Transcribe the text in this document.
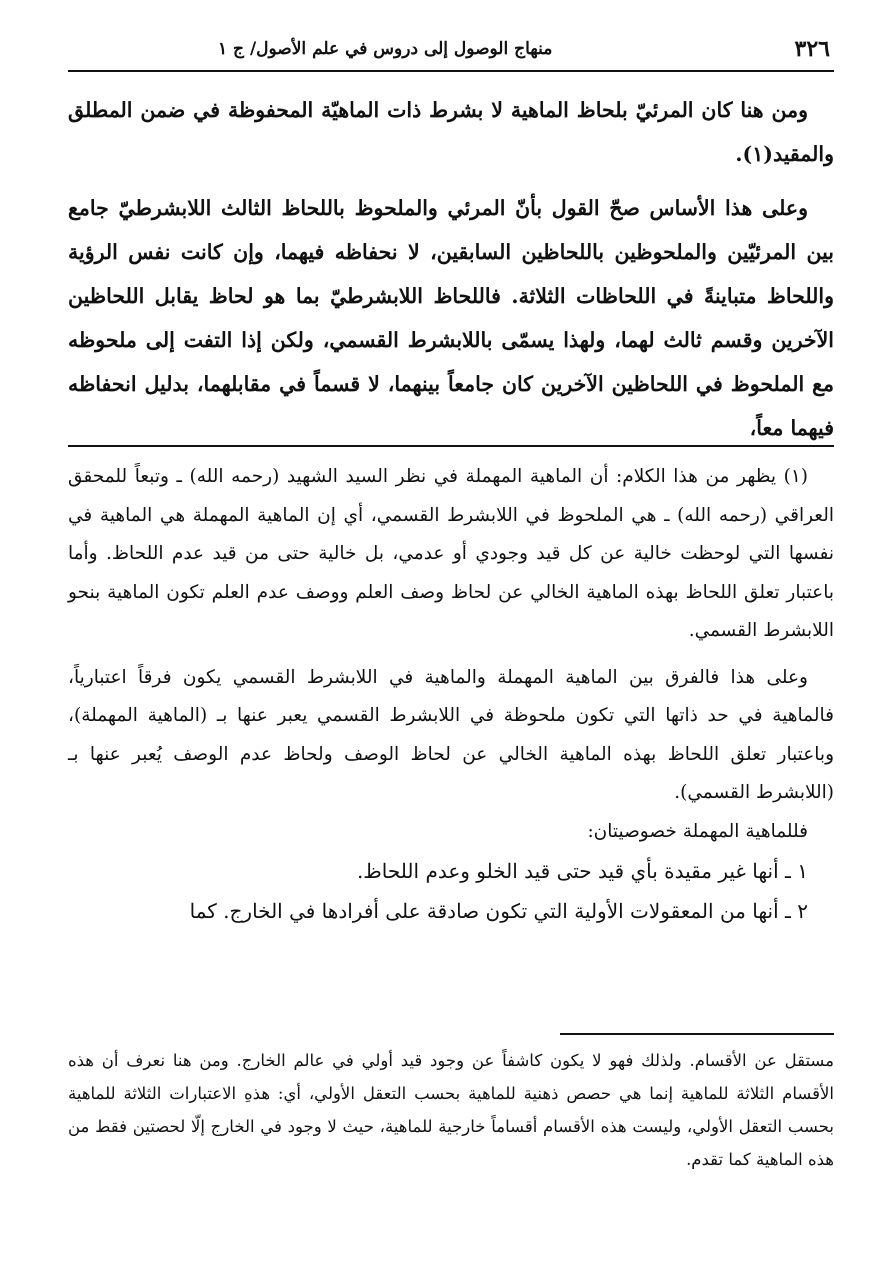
٣٢٦
منهاج الوصول إلى دروس في علم الأصول/ ج ١

ومن هنا كان المرئيّ بلحاظ الماهية لا بشرط ذات الماهيّة المحفوظة في ضمن المطلق والمقيد(١).

وعلى هذا الأساس صحّ القول بأنّ المرئي والملحوظ باللحاظ الثالث اللابشرطيّ جامع بين المرئيّين والملحوظين باللحاظين السابقين، لا نحفاظه فيهما، وإن كانت نفس الرؤية واللحاظ متباينةً في اللحاظات الثلاثة. فاللحاظ اللابشرطيّ بما هو لحاظ يقابل اللحاظين الآخرين وقسم ثالث لهما، ولهذا يسمّى باللابشرط القسمي، ولكن إذا التفت إلى ملحوظه مع الملحوظ في اللحاظين الآخرين كان جامعاً بينهما، لا قسماً في مقابلهما، بدليل انحفاظه فيهما معاً،

(١) يظهر من هذا الكلام: أن الماهية المهملة في نظر السيد الشهيد (رحمه الله) ـ وتبعاً للمحقق العراقي (رحمه الله) ـ هي الملحوظ في اللابشرط القسمي، أي إن الماهية المهملة هي الماهية في نفسها التي لوحظت خالية عن كل قيد وجودي أو عدمي، بل خالية حتى من قيد عدم اللحاظ. وأما باعتبار تعلق اللحاظ بهذه الماهية الخالي عن لحاظ وصف العلم ووصف عدم العلم تكون الماهية بنحو اللابشرط القسمي.

وعلى هذا فالفرق بين الماهية المهملة والماهية في اللابشرط القسمي يكون فرقاً اعتبارياً، فالماهية في حد ذاتها التي تكون ملحوظة في اللابشرط القسمي يعبر عنها بـ (الماهية المهملة)، وباعتبار تعلق اللحاظ بهذه الماهية الخالي عن لحاظ الوصف ولحاظ عدم الوصف يُعبر عنها بـ (اللابشرط القسمي).

فللماهية المهملة خصوصيتان:

١ ـ أنها غير مقيدة بأي قيد حتى قيد الخلو وعدم اللحاظ.

٢ ـ أنها من المعقولات الأولية التي تكون صادقة على أفرادها في الخارج. كما

مستقل عن الأقسام. ولذلك فهو لا يكون كاشفاً عن وجود قيد أولي في عالم الخارج. ومن هنا نعرف أن هذه الأقسام الثلاثة للماهية إنما هي حصص ذهنية للماهية بحسب التعقل الأولي، أي: هذهِ الاعتبارات الثلاثة للماهية بحسب التعقل الأولي، وليست هذه الأقسام أقساماً خارجية للماهية، حيث لا وجود في الخارج إلّا لحصتين فقط من هذه الماهية كما تقدم.
